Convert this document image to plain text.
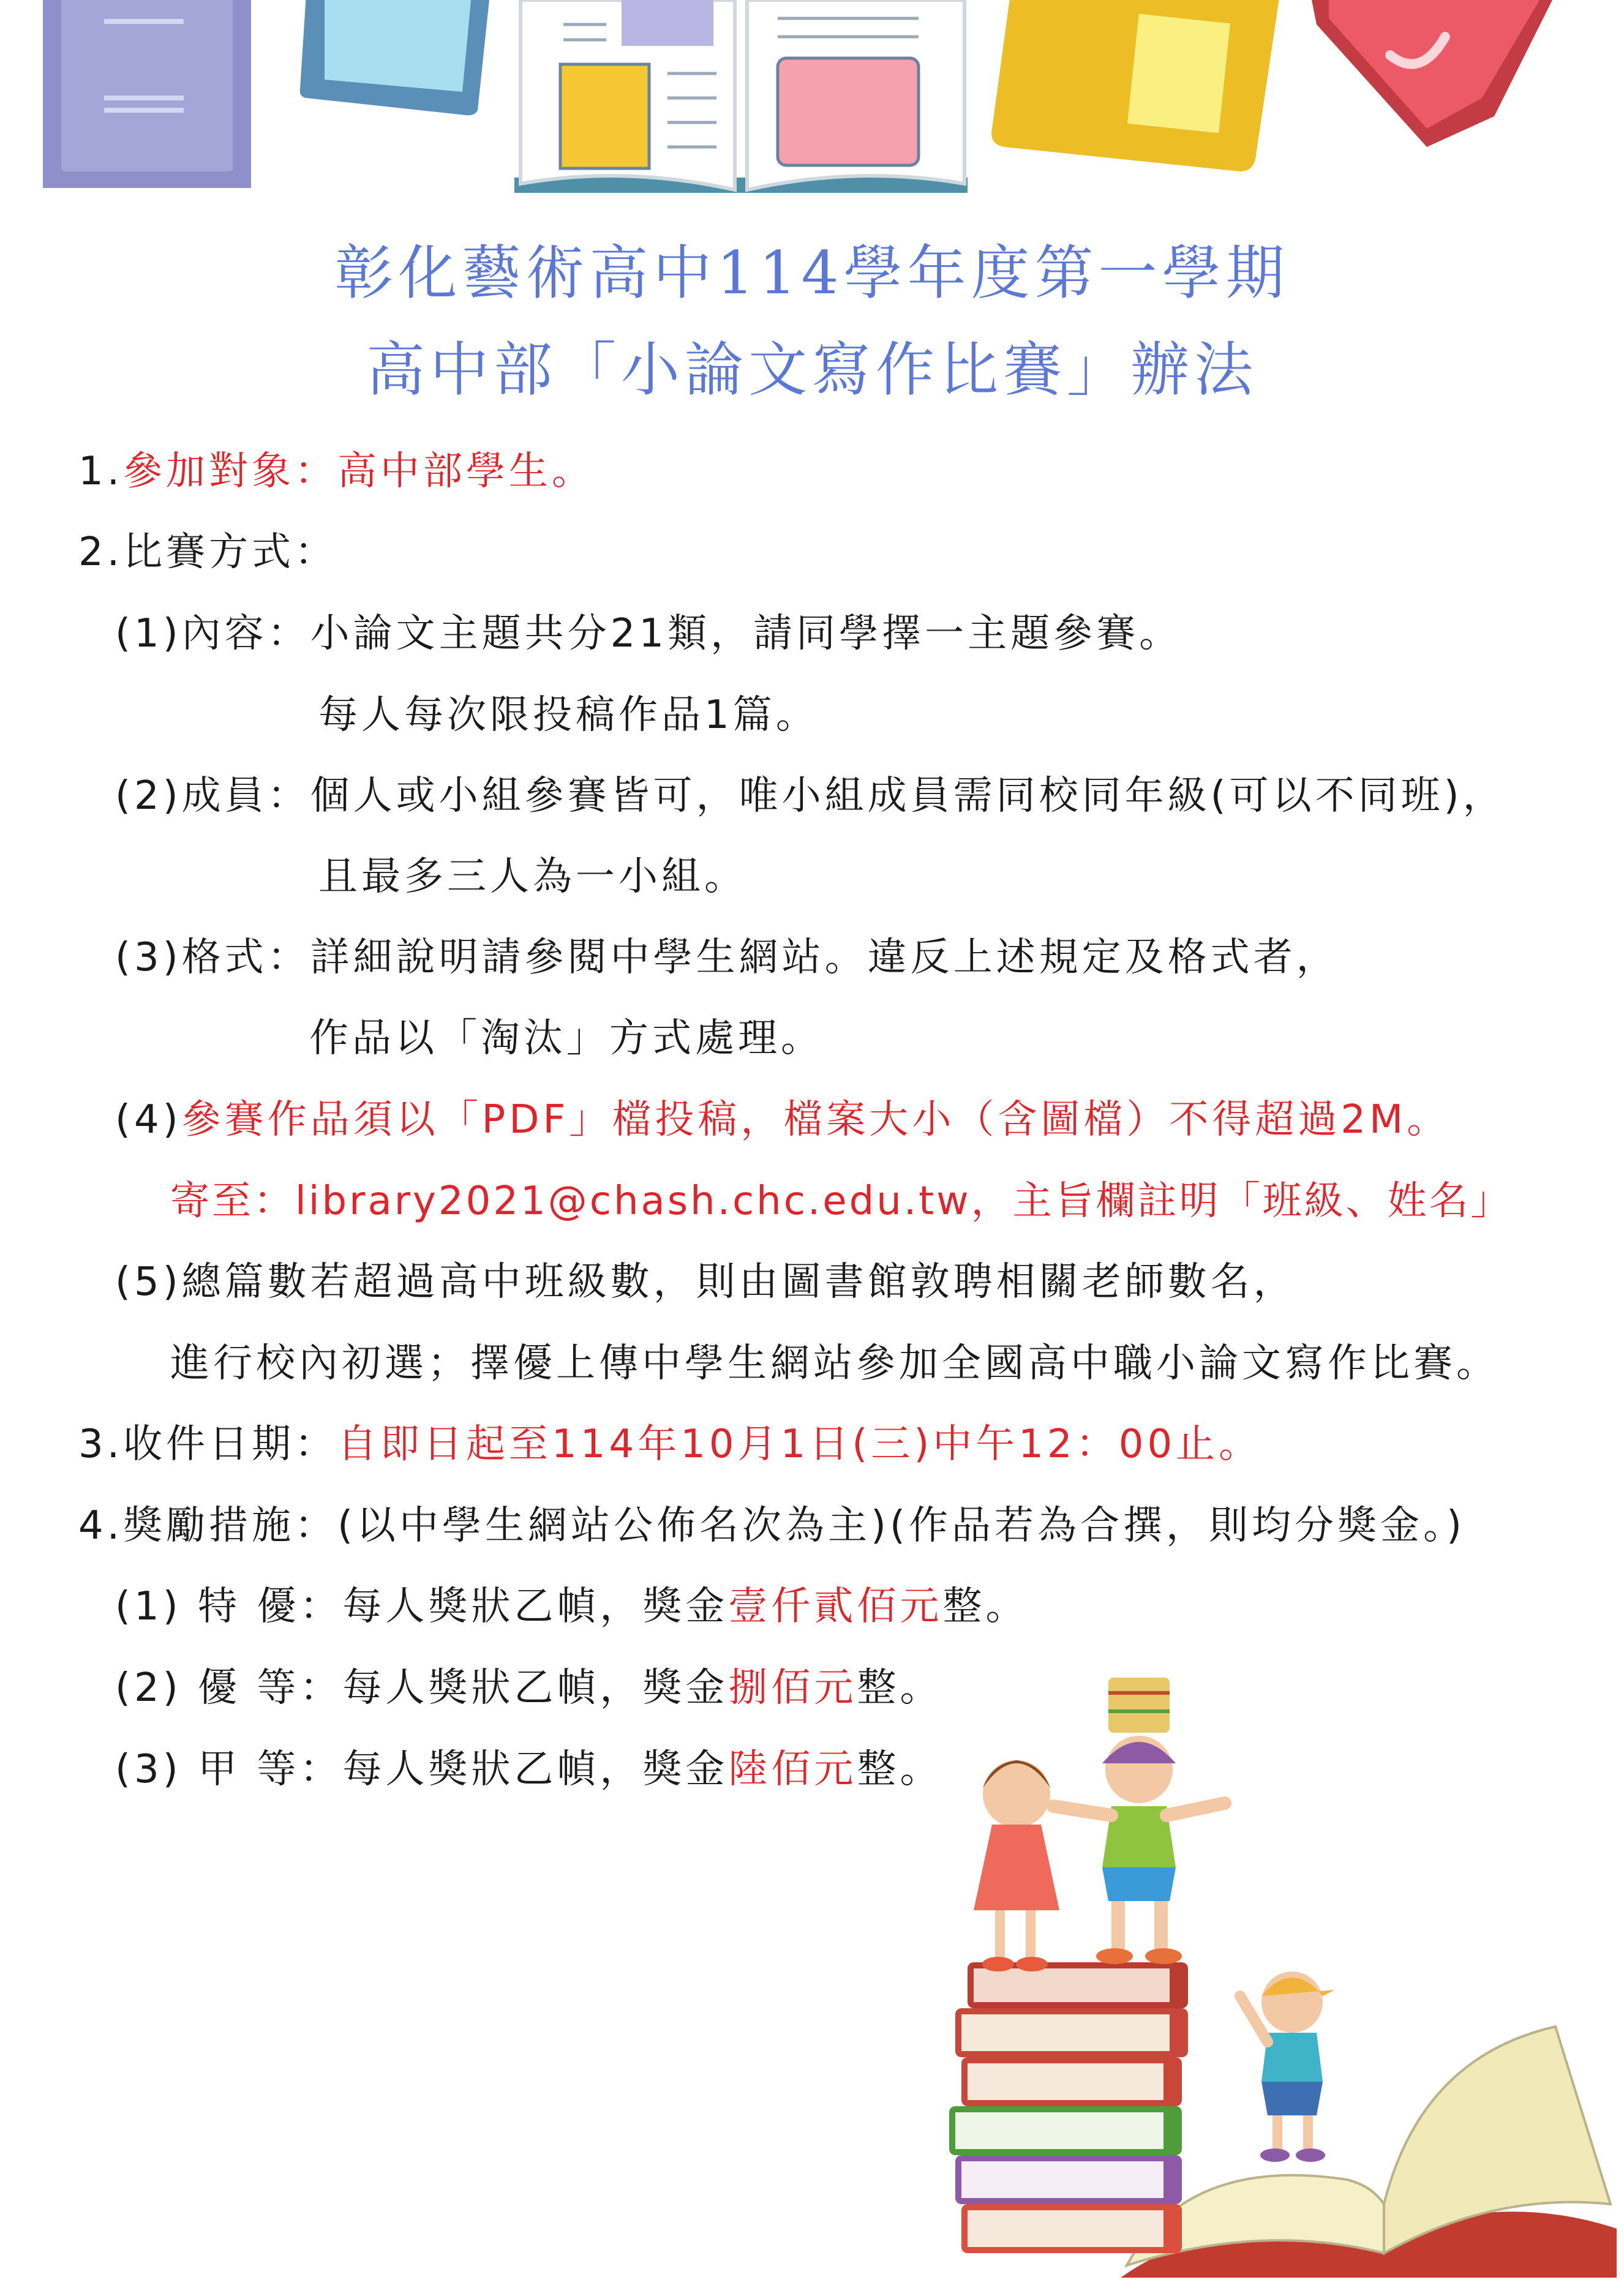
彰化藝術高中114學年度第一學期
高中部「小論文寫作比賽」辦法
1.參加對象：高中部學生。
2.比賽方式：
(1)內容：小論文主題共分21類，請同學擇一主題參賽。
每人每次限投稿作品1篇。
(2)成員：個人或小組參賽皆可，唯小組成員需同校同年級(可以不同班)，
且最多三人為一小組。
(3)格式：詳細說明請參閱中學生網站。違反上述規定及格式者，
作品以「淘汰」方式處理。
(4)參賽作品須以「PDF」檔投稿，檔案大小（含圖檔）不得超過2M。
寄至：library2021@chash.chc.edu.tw，主旨欄註明「班級、姓名」
(5)總篇數若超過高中班級數，則由圖書館敦聘相關老師數名，
進行校內初選；擇優上傳中學生網站參加全國高中職小論文寫作比賽。
3.收件日期：自即日起至114年10月1日(三)中午12：00止。
4.獎勵措施：(以中學生網站公佈名次為主)(作品若為合撰，則均分獎金。)
(1) 特 優：每人獎狀乙幀，獎金壹仟貳佰元整。
(2) 優 等：每人獎狀乙幀，獎金捌佰元整。
(3) 甲 等：每人獎狀乙幀，獎金陸佰元整。
